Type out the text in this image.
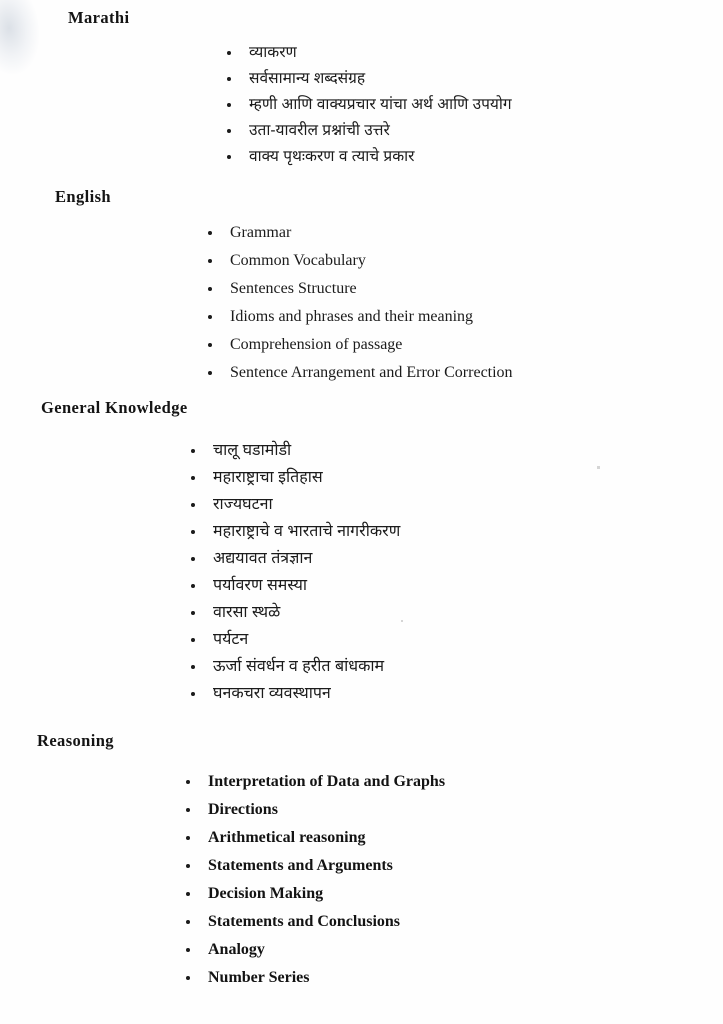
Marathi
व्याकरण
सर्वसामान्य शब्दसंग्रह
म्हणी आणि वाक्यप्रचार यांचा अर्थ आणि उपयोग
उता-यावरील प्रश्नांची उत्तरे
वाक्य पृथःकरण व त्याचे प्रकार
English
Grammar
Common Vocabulary
Sentences Structure
Idioms and phrases and their meaning
Comprehension of passage
Sentence Arrangement and Error Correction
General Knowledge
चालू घडामोडी
महाराष्ट्राचा इतिहास
राज्यघटना
महाराष्ट्राचे व भारताचे नागरीकरण
अद्ययावत तंत्रज्ञान
पर्यावरण समस्या
वारसा स्थळे
पर्यटन
ऊर्जा संवर्धन व हरीत बांधकाम
घनकचरा व्यवस्थापन
Reasoning
Interpretation of Data and Graphs
Directions
Arithmetical reasoning
Statements and Arguments
Decision Making
Statements and Conclusions
Analogy
Number Series
